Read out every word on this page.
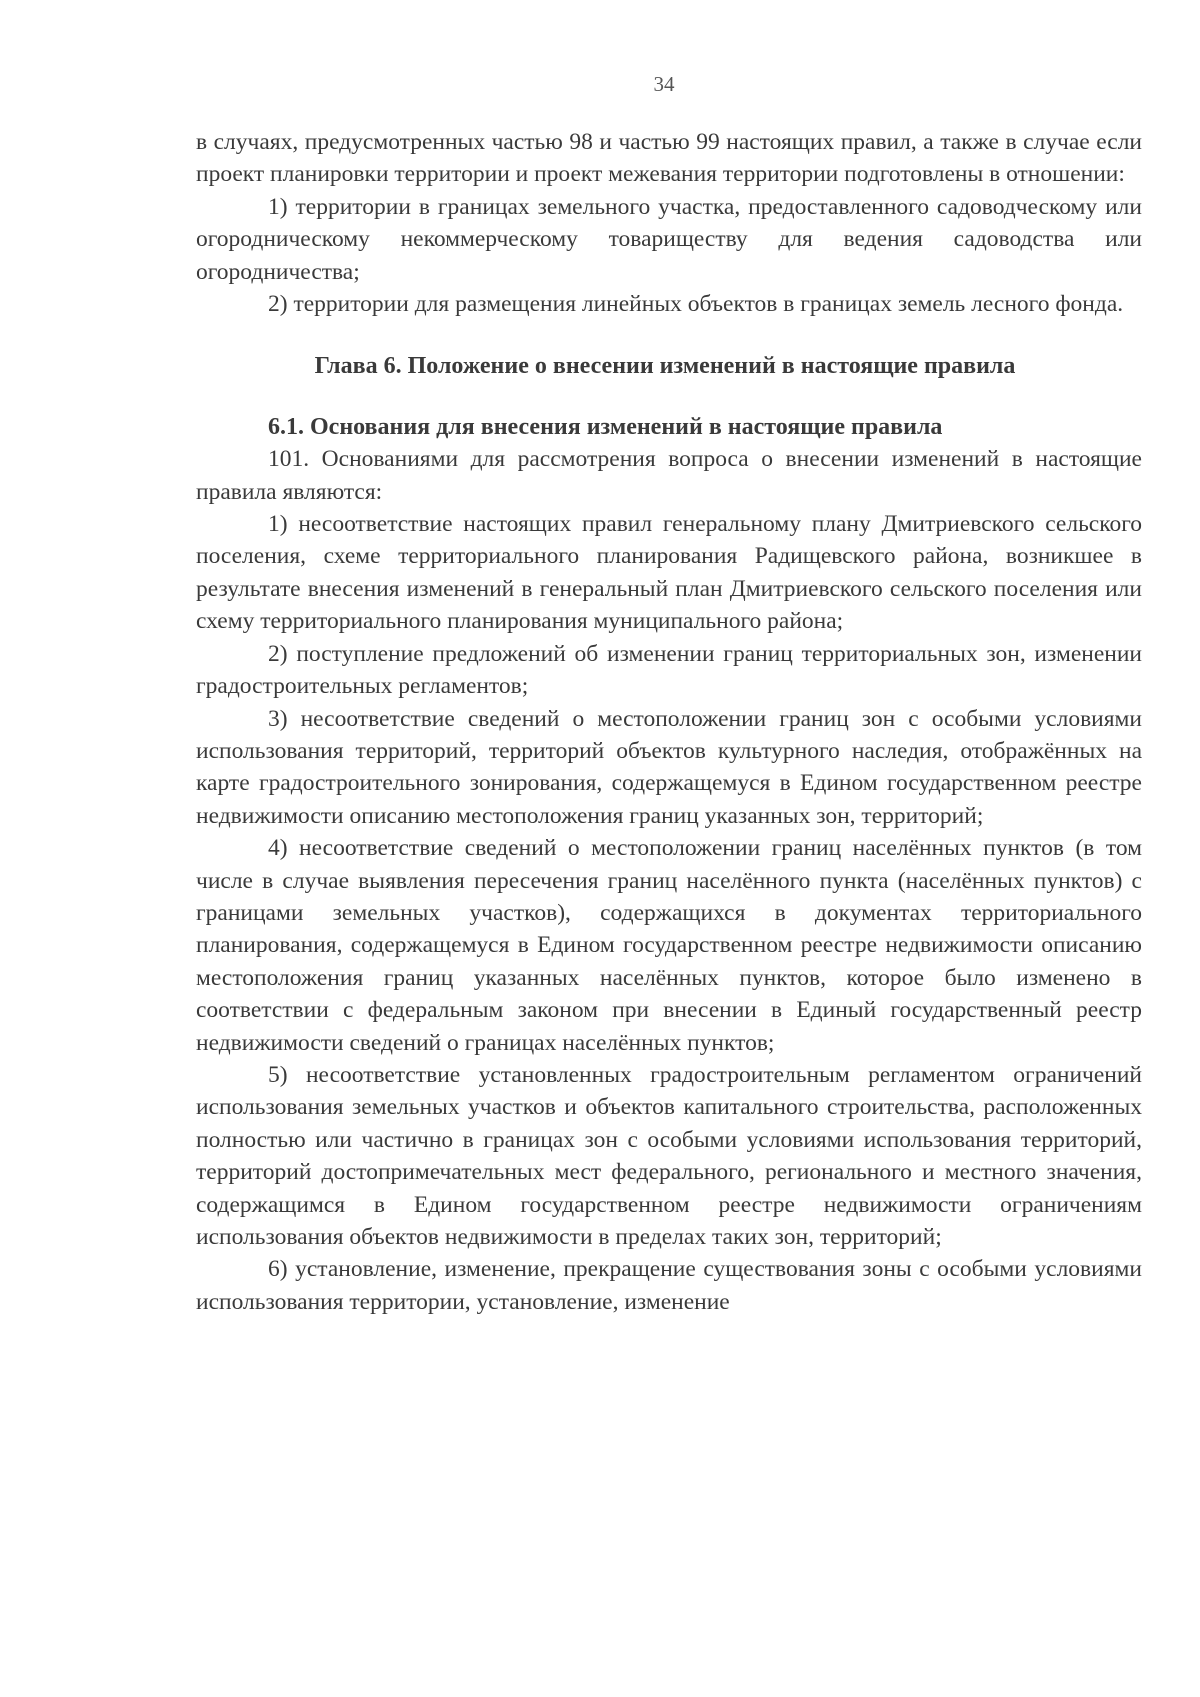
34

в случаях, предусмотренных частью 98 и частью 99 настоящих правил, а также в случае если проект планировки территории и проект межевания территории подготовлены в отношении:

1) территории в границах земельного участка, предоставленного садоводческому или огородническому некоммерческому товариществу для ведения садоводства или огородничества;

2) территории для размещения линейных объектов в границах земель лесного фонда.

Глава 6. Положение о внесении изменений в настоящие правила

6.1. Основания для внесения изменений в настоящие правила

101. Основаниями для рассмотрения вопроса о внесении изменений в настоящие правила являются:

1) несоответствие настоящих правил генеральному плану Дмитриевского сельского поселения, схеме территориального планирования Радищевского района, возникшее в результате внесения изменений в генеральный план Дмитриевского сельского поселения или схему территориального планирования муниципального района;

2) поступление предложений об изменении границ территориальных зон, изменении градостроительных регламентов;

3) несоответствие сведений о местоположении границ зон с особыми условиями использования территорий, территорий объектов культурного наследия, отображённых на карте градостроительного зонирования, содержащемуся в Едином государственном реестре недвижимости описанию местоположения границ указанных зон, территорий;

4) несоответствие сведений о местоположении границ населённых пунктов (в том числе в случае выявления пересечения границ населённого пункта (населённых пунктов) с границами земельных участков), содержащихся в документах территориального планирования, содержащемуся в Едином государственном реестре недвижимости описанию местоположения границ указанных населённых пунктов, которое было изменено в соответствии с федеральным законом при внесении в Единый государственный реестр недвижимости сведений о границах населённых пунктов;

5) несоответствие установленных градостроительным регламентом ограничений использования земельных участков и объектов капитального строительства, расположенных полностью или частично в границах зон с особыми условиями использования территорий, территорий достопримечательных мест федерального, регионального и местного значения, содержащимся в Едином государственном реестре недвижимости ограничениям использования объектов недвижимости в пределах таких зон, территорий;

6) установление, изменение, прекращение существования зоны с особыми условиями использования территории, установление, изменение
